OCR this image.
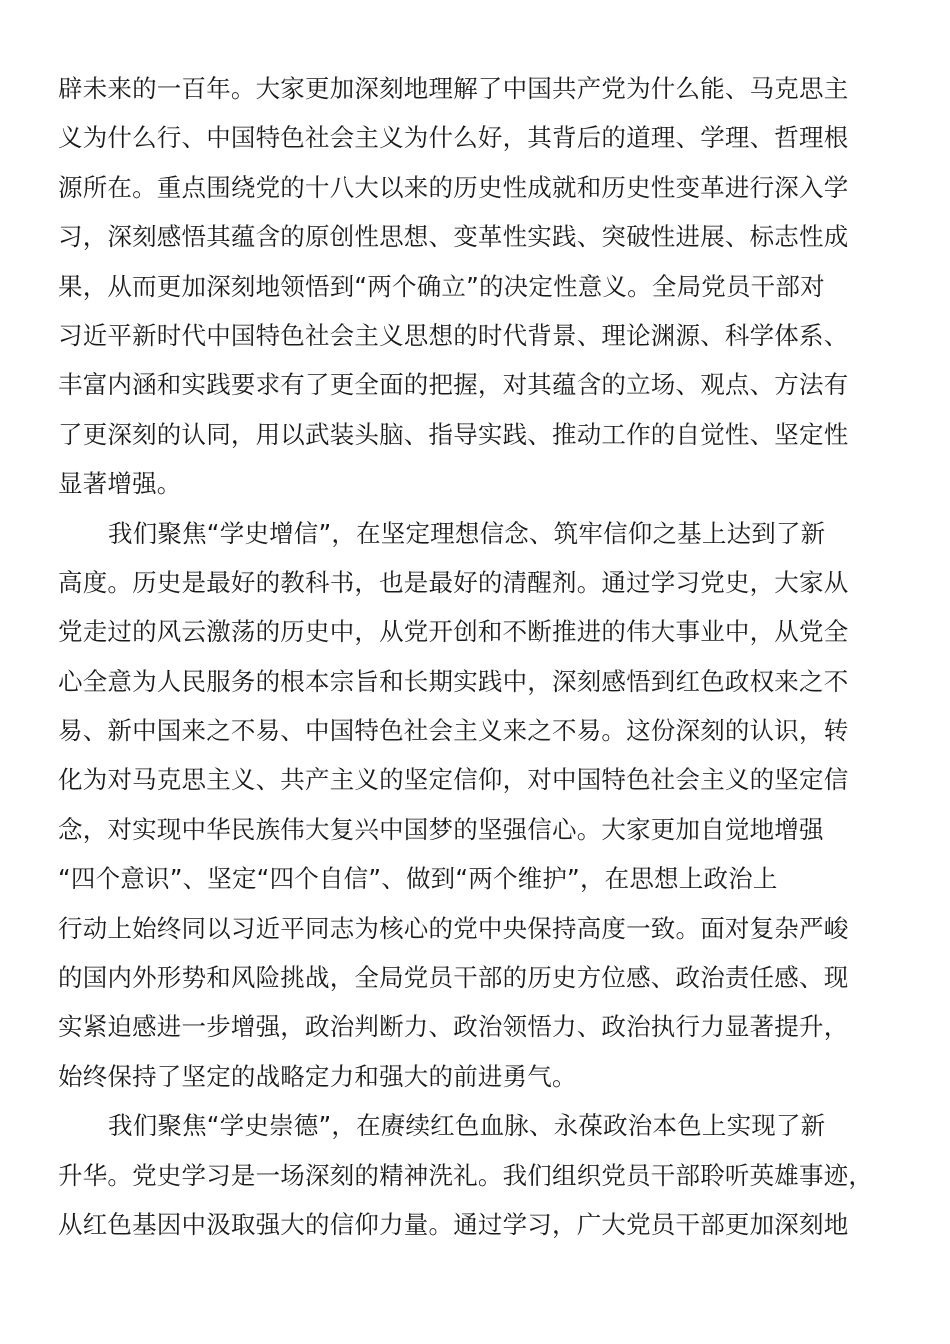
辟未来的一百年。大家更加深刻地理解了中国共产党为什么能、马克思主
义为什么行、中国特色社会主义为什么好，其背后的道理、学理、哲理根
源所在。重点围绕党的十八大以来的历史性成就和历史性变革进行深入学
习，深刻感悟其蕴含的原创性思想、变革性实践、突破性进展、标志性成
果，从而更加深刻地领悟到“两个确立”的决定性意义。全局党员干部对
习近平新时代中国特色社会主义思想的时代背景、理论渊源、科学体系、
丰富内涵和实践要求有了更全面的把握，对其蕴含的立场、观点、方法有
了更深刻的认同，用以武装头脑、指导实践、推动工作的自觉性、坚定性
显著增强。
我们聚焦“学史增信”，在坚定理想信念、筑牢信仰之基上达到了新
高度。历史是最好的教科书，也是最好的清醒剂。通过学习党史，大家从
党走过的风云激荡的历史中，从党开创和不断推进的伟大事业中，从党全
心全意为人民服务的根本宗旨和长期实践中，深刻感悟到红色政权来之不
易、新中国来之不易、中国特色社会主义来之不易。这份深刻的认识，转
化为对马克思主义、共产主义的坚定信仰，对中国特色社会主义的坚定信
念，对实现中华民族伟大复兴中国梦的坚强信心。大家更加自觉地增强
“四个意识”、坚定“四个自信”、做到“两个维护”，在思想上政治上
行动上始终同以习近平同志为核心的党中央保持高度一致。面对复杂严峻
的国内外形势和风险挑战，全局党员干部的历史方位感、政治责任感、现
实紧迫感进一步增强，政治判断力、政治领悟力、政治执行力显著提升，
始终保持了坚定的战略定力和强大的前进勇气。
我们聚焦“学史崇德”，在赓续红色血脉、永葆政治本色上实现了新
升华。党史学习是一场深刻的精神洗礼。我们组织党员干部聆听英雄事迹，
从红色基因中汲取强大的信仰力量。通过学习，广大党员干部更加深刻地
